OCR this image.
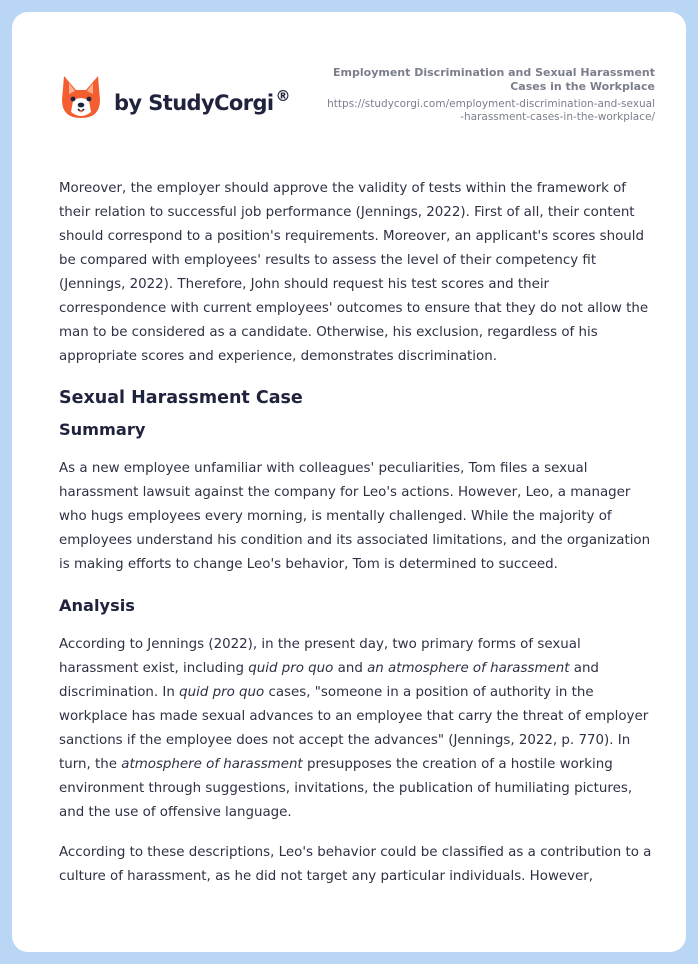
by StudyCorgi ®
Employment Discrimination and Sexual Harassment Cases in the Workplace
https://studycorgi.com/employment-discrimination-and-sexual-harassment-cases-in-the-workplace/

Moreover, the employer should approve the validity of tests within the framework of their relation to successful job performance (Jennings, 2022). First of all, their content should correspond to a position's requirements. Moreover, an applicant's scores should be compared with employees' results to assess the level of their competency fit (Jennings, 2022). Therefore, John should request his test scores and their correspondence with current employees' outcomes to ensure that they do not allow the man to be considered as a candidate. Otherwise, his exclusion, regardless of his appropriate scores and experience, demonstrates discrimination.

Sexual Harassment Case
Summary

As a new employee unfamiliar with colleagues' peculiarities, Tom files a sexual harassment lawsuit against the company for Leo's actions. However, Leo, a manager who hugs employees every morning, is mentally challenged. While the majority of employees understand his condition and its associated limitations, and the organization is making efforts to change Leo's behavior, Tom is determined to succeed.

Analysis

According to Jennings (2022), in the present day, two primary forms of sexual harassment exist, including quid pro quo and an atmosphere of harassment and discrimination. In quid pro quo cases, "someone in a position of authority in the workplace has made sexual advances to an employee that carry the threat of employer sanctions if the employee does not accept the advances" (Jennings, 2022, p. 770). In turn, the atmosphere of harassment presupposes the creation of a hostile working environment through suggestions, invitations, the publication of humiliating pictures, and the use of offensive language.

According to these descriptions, Leo's behavior could be classified as a contribution to a culture of harassment, as he did not target any particular individuals. However,
